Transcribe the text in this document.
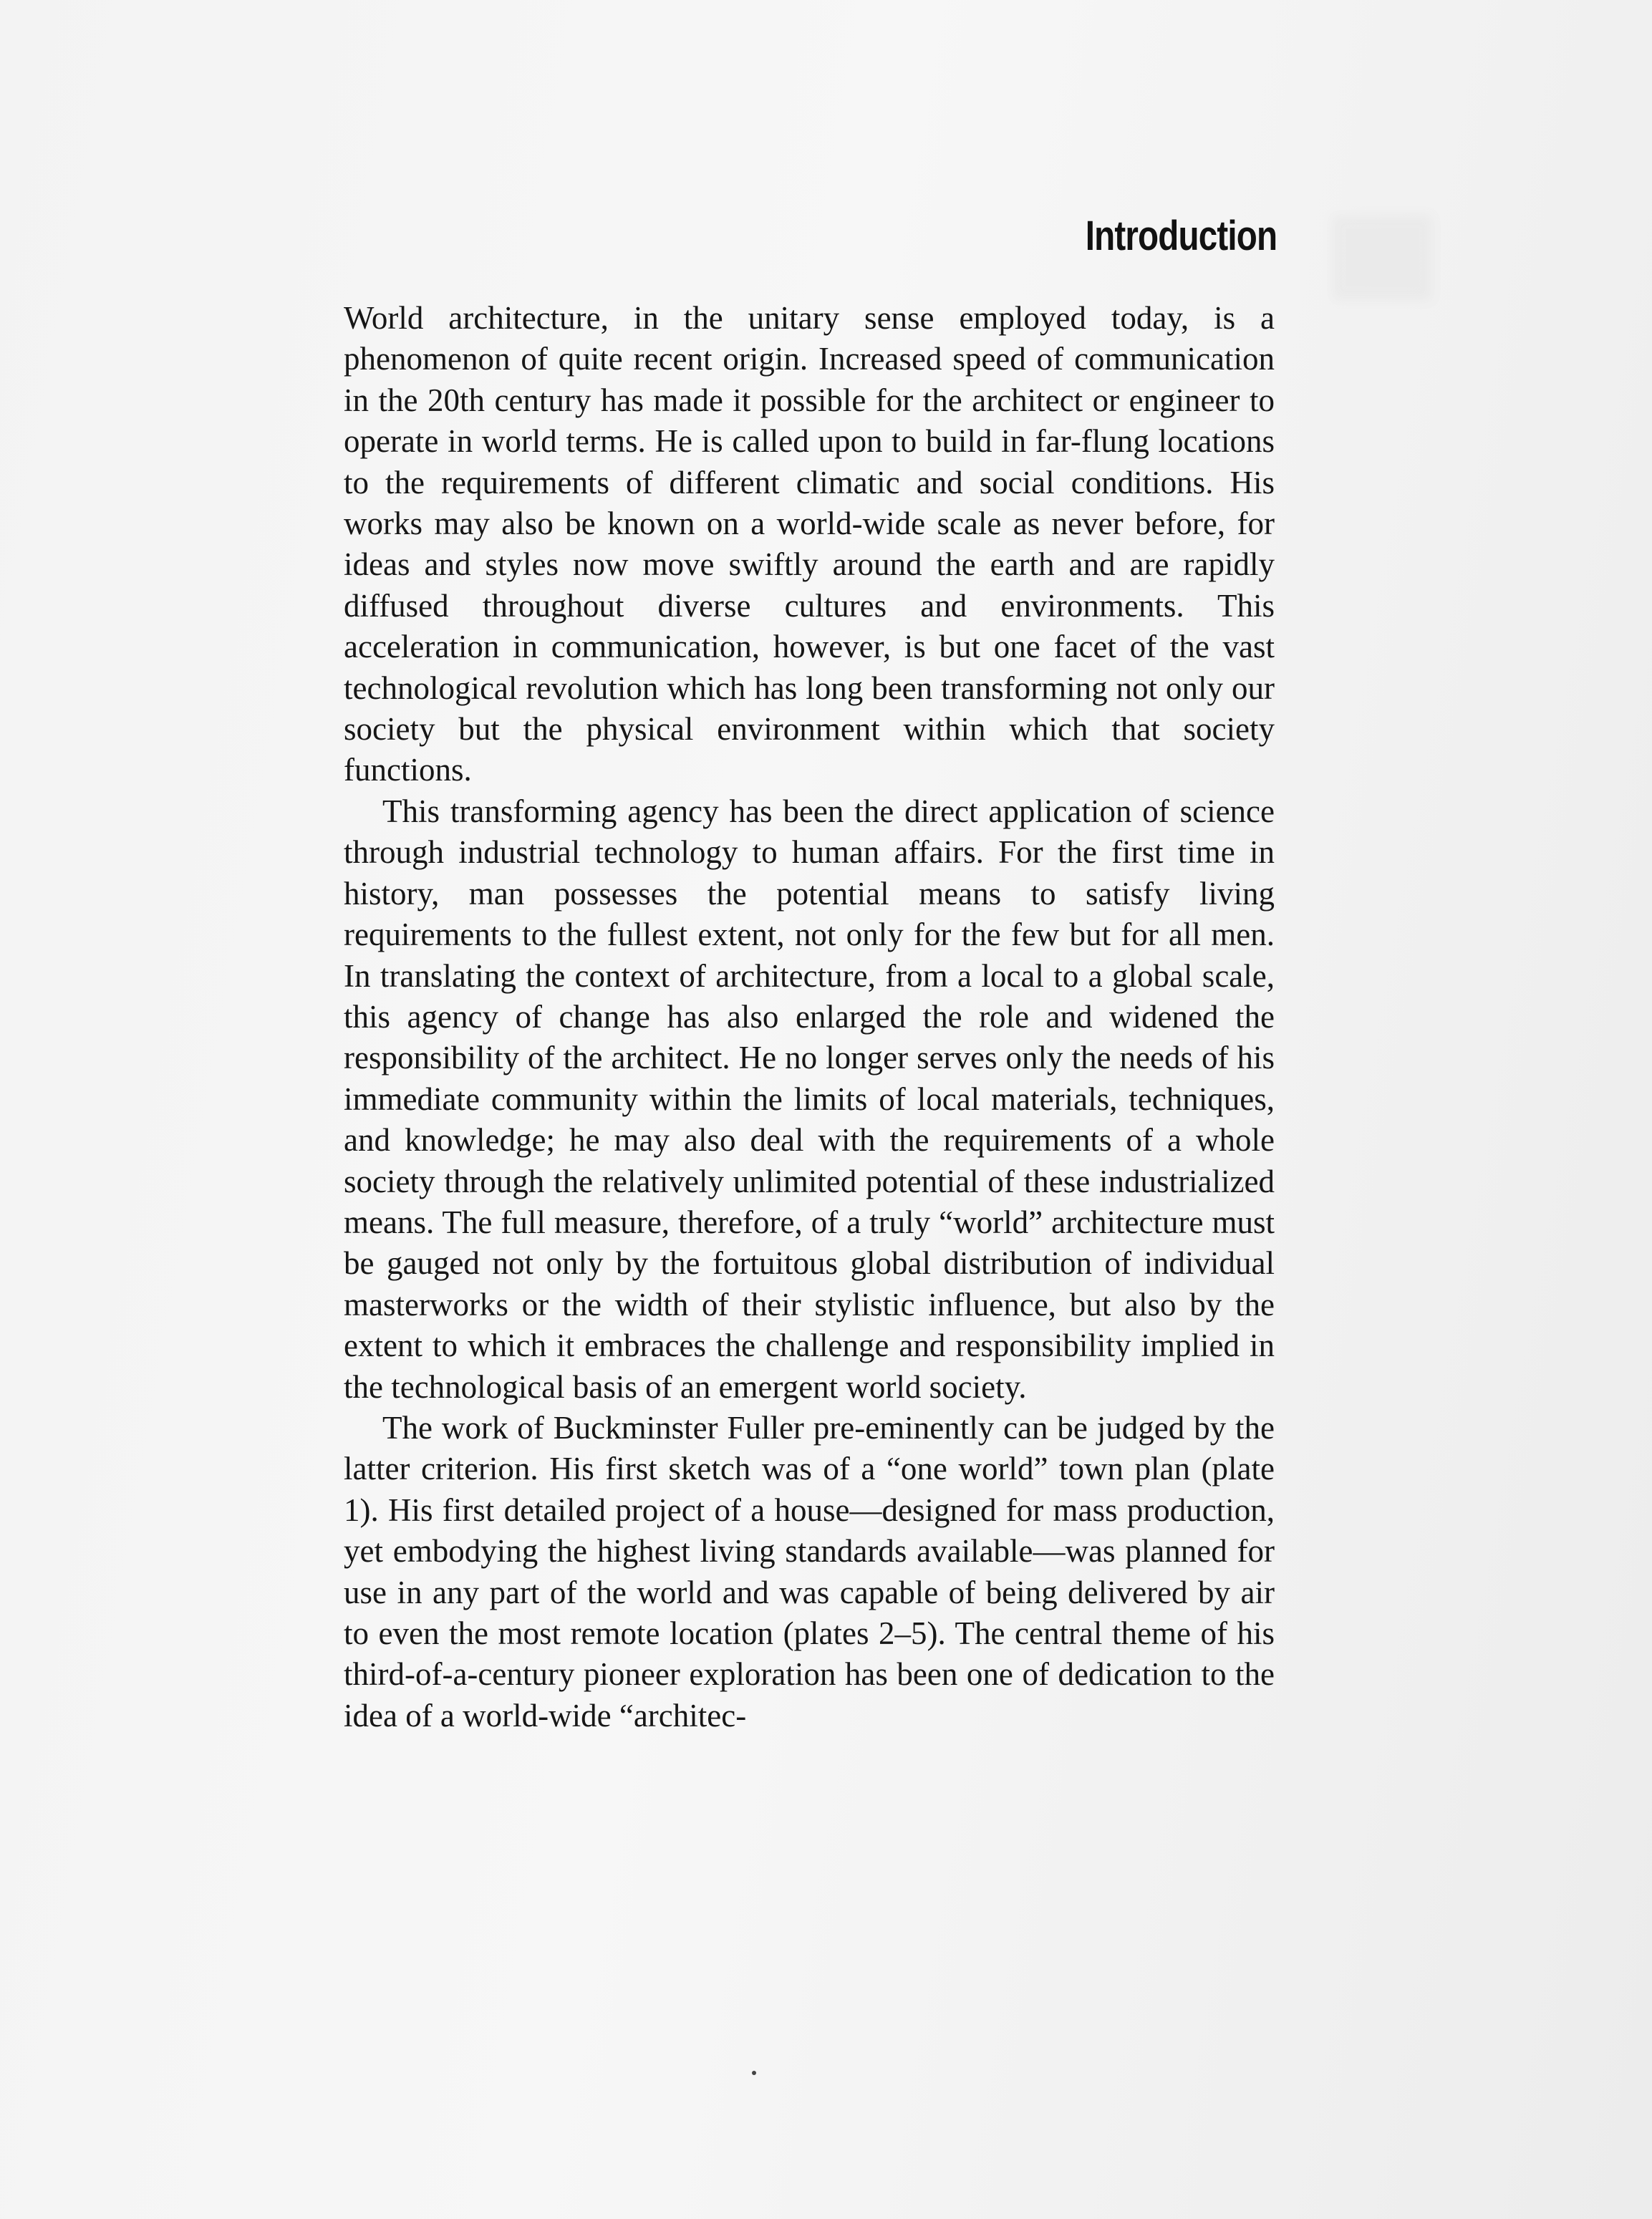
Introduction

World architecture, in the unitary sense employed today, is a phenomenon of quite recent origin. Increased speed of communication in the 20th century has made it possible for the architect or engineer to operate in world terms. He is called upon to build in far-flung locations to the requirements of different climatic and social conditions. His works may also be known on a world-wide scale as never before, for ideas and styles now move swiftly around the earth and are rapidly diffused throughout diverse cultures and environments. This acceleration in communication, however, is but one facet of the vast technological revolution which has long been transforming not only our society but the physical environment within which that society functions.

This transforming agency has been the direct application of science through industrial technology to human affairs. For the first time in history, man possesses the potential means to satisfy living requirements to the fullest extent, not only for the few but for all men. In translating the context of architecture, from a local to a global scale, this agency of change has also enlarged the role and widened the responsibility of the architect. He no longer serves only the needs of his immediate community within the limits of local materials, techniques, and knowledge; he may also deal with the requirements of a whole society through the relatively unlimited potential of these industrialized means. The full measure, therefore, of a truly “world” architecture must be gauged not only by the fortuitous global distribution of individual masterworks or the width of their stylistic influence, but also by the extent to which it embraces the challenge and responsibility implied in the technological basis of an emergent world society.

The work of Buckminster Fuller pre-eminently can be judged by the latter criterion. His first sketch was of a “one world” town plan (plate 1). His first detailed project of a house—designed for mass production, yet embodying the highest living standards available—was planned for use in any part of the world and was capable of being delivered by air to even the most remote location (plates 2–5). The central theme of his third-of-a-century pioneer exploration has been one of dedication to the idea of a world-wide “architec-
